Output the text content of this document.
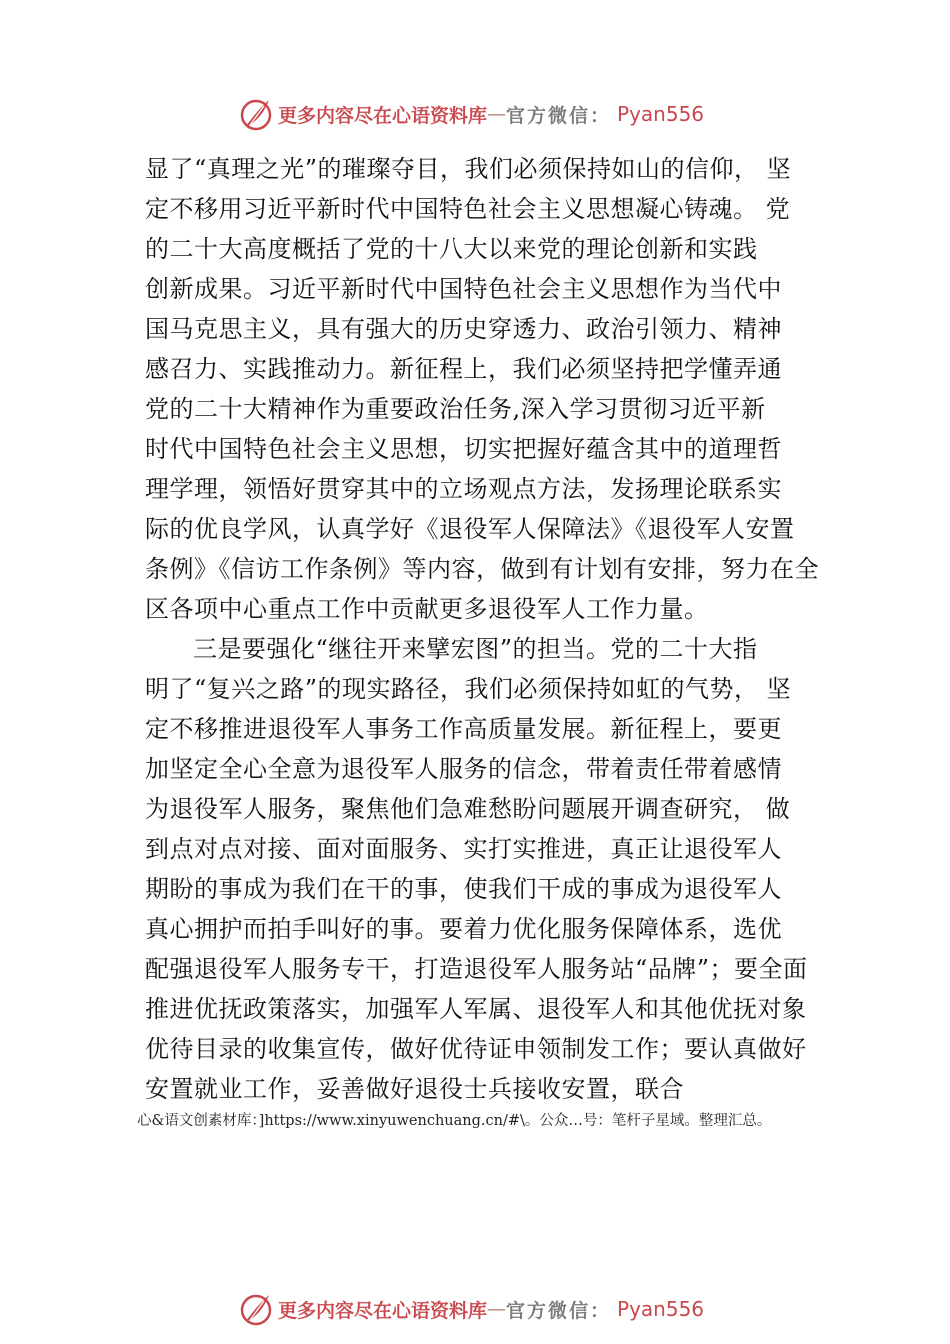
更多内容尽在心语资料库 — 官方微信： Pyan556
显了“真理之光”的璀璨夺目，我们必须保持如山的信仰， 坚
定不移用习近平新时代中国特色社会主义思想凝心铸魂。 党
的二十大高度概括了党的十八大以来党的理论创新和实践
创新成果。习近平新时代中国特色社会主义思想作为当代中
国马克思主义，具有强大的历史穿透力、政治引领力、精神
感召力、实践推动力。新征程上，我们必须坚持把学懂弄通
党的二十大精神作为重要政治任务,深入学习贯彻习近平新
时代中国特色社会主义思想，切实把握好蕴含其中的道理哲
理学理，领悟好贯穿其中的立场观点方法，发扬理论联系实
际的优良学风，认真学好《退役军人保障法》《退役军人安置
条例》《信访工作条例》等内容，做到有计划有安排，努力在全
区各项中心重点工作中贡献更多退役军人工作力量。
三是要强化“继往开来擘宏图”的担当。党的二十大指
明了“复兴之路”的现实路径，我们必须保持如虹的气势， 坚
定不移推进退役军人事务工作高质量发展。新征程上，要更
加坚定全心全意为退役军人服务的信念，带着责任带着感情
为退役军人服务，聚焦他们急难愁盼问题展开调查研究， 做
到点对点对接、面对面服务、实打实推进，真正让退役军人
期盼的事成为我们在干的事，使我们干成的事成为退役军人
真心拥护而拍手叫好的事。要着力优化服务保障体系，选优
配强退役军人服务专干，打造退役军人服务站“品牌”；要全面
推进优抚政策落实，加强军人军属、退役军人和其他优抚对象
优待目录的收集宣传，做好优待证申领制发工作；要认真做好
安置就业工作，妥善做好退役士兵接收安置，联合
心&语文创素材库：]https://www.xinyuwenchuang.cn/#\。公众…号：笔杆子星域。整理汇总。
更多内容尽在心语资料库 — 官方微信： Pyan556
